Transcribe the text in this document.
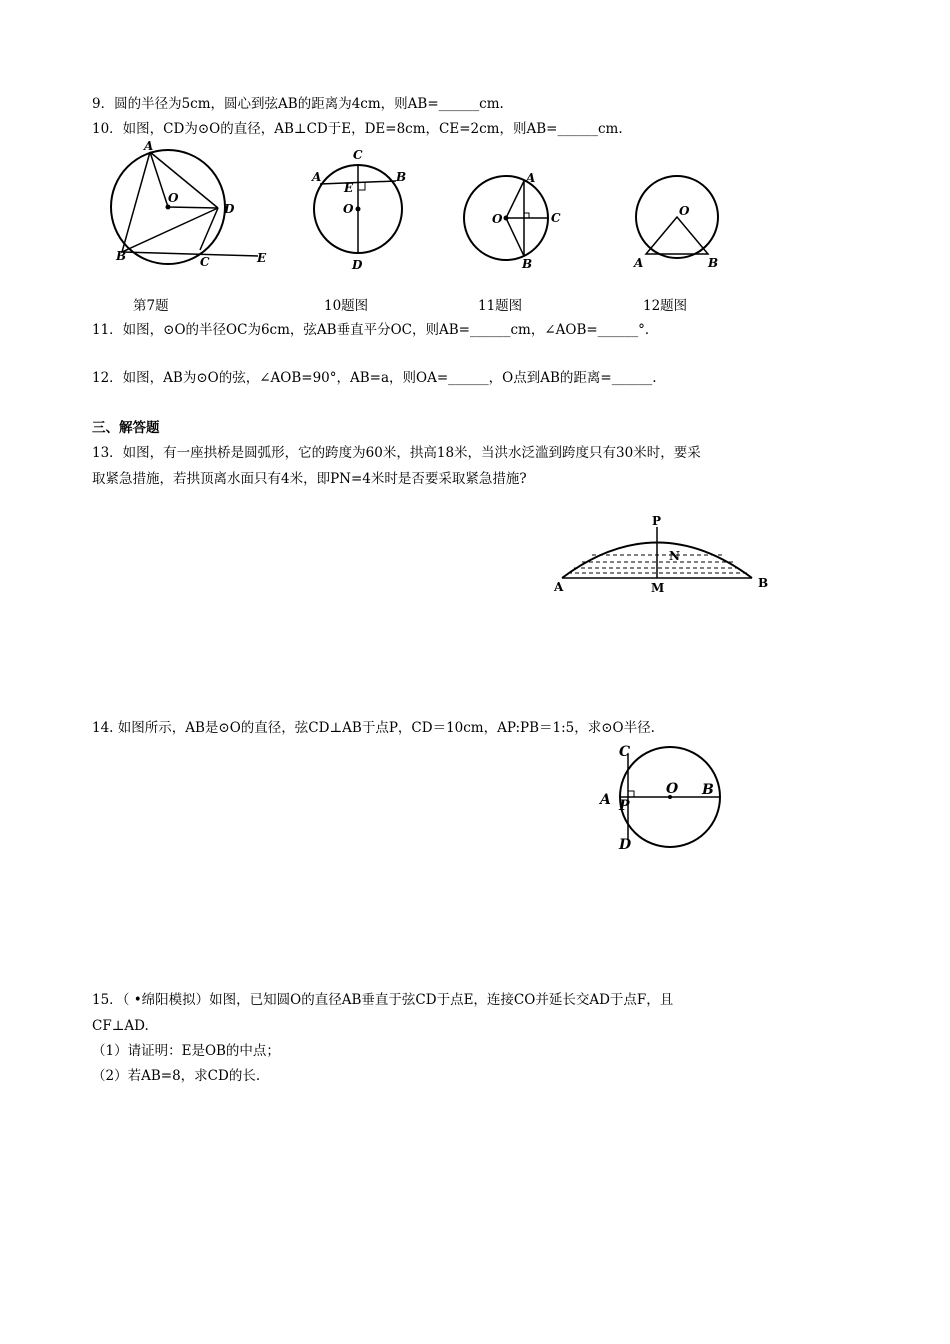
9．圆的半径为5cm，圆心到弦AB的距离为4cm，则AB=______cm.
10．如图，CD为⊙O的直径，AB⊥CD于E，DE=8cm，CE=2cm，则AB=______cm.
A
O
D
B	C	E
C
A	B
E
O
D
A
O	C
B
O
A	B
第7题	10题图	11题图	12题图
11．如图，⊙O的半径OC为6cm，弦AB垂直平分OC，则AB=______cm，∠AOB=______°．
12．如图，AB为⊙O的弦，∠AOB=90°，AB=a，则OA=______，O点到AB的距离=______.
三、解答题
13．如图，有一座拱桥是圆弧形，它的跨度为60米，拱高18米，当洪水泛滥到跨度只有30米时，要采
取紧急措施，若拱顶离水面只有4米，即PN=4米时是否要采取紧急措施?
P
N
A	M	B
14. 如图所示，AB是⊙O的直径，弦CD⊥AB于点P，CD＝10cm，AP:PB＝1:5，求⊙O半径.
C
A P
O B
D
15．（ •绵阳模拟）如图，已知圆O的直径AB垂直于弦CD于点E，连接CO并延长交AD于点F，且
CF⊥AD.
（1）请证明：E是OB的中点；
（2）若AB=8，求CD的长.
